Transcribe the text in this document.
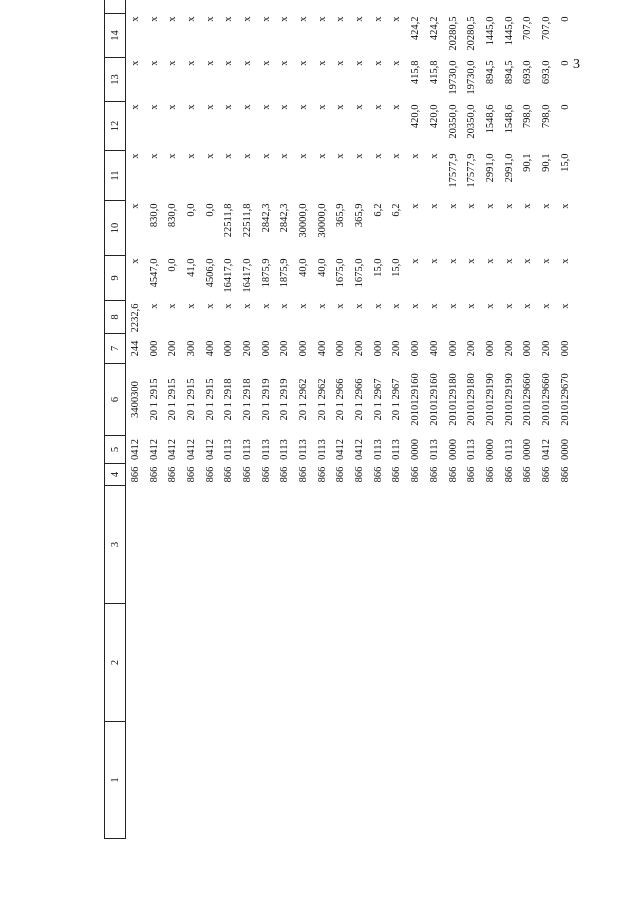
3
1	2	3	4	5	6	7	8	9	10	11	12	13	14	
			866	0412	3400300	244	2232,6	x	x	x	x	x	x	
			866	0412	20 1 2915	000	x	4547,0	830,0	x	x	x	x	
			866	0412	20 1 2915	200	x	0,0	830,0	x	x	x	x	
			866	0412	20 1 2915	300	x	41,0	0,0	x	x	x	x	
			866	0412	20 1 2915	400	x	4506,0	0,0	x	x	x	x	
			866	0113	20 1 2918	000	x	16417,0	22511,8	x	x	x	x	
			866	0113	20 1 2918	200	x	16417,0	22511,8	x	x	x	x	
			866	0113	20 1 2919	000	x	1875,9	2842,3	x	x	x	x	
			866	0113	20 1 2919	200	x	1875,9	2842,3	x	x	x	x	
			866	0113	20 1 2962	000	x	40,0	30000,0	x	x	x	x	
			866	0113	20 1 2962	400	x	40,0	30000,0	x	x	x	x	
			866	0412	20 1 2966	000	x	1675,0	365,9	x	x	x	x	
			866	0412	20 1 2966	200	x	1675,0	365,9	x	x	x	x	
			866	0113	20 1 2967	000	x	15,0	6,2	x	x	x	x	
			866	0113	20 1 2967	200	x	15,0	6,2	x	x	x	x	
			866	0000	2010129160	000	x	x	x	x	420,0	415,8	424,2	
			866	0113	2010129160	400	x	x	x	x	420,0	415,8	424,2	
			866	0000	2010129180	000	x	x	x	17577,9	20350,0	19730,0	20280,5	
			866	0113	2010129180	200	x	x	x	17577,9	20350,0	19730,0	20280,5	
			866	0000	2010129190	000	x	x	x	2991,0	1548,6	894,5	1445,0	
			866	0113	2010129190	200	x	x	x	2991,0	1548,6	894,5	1445,0	
			866	0000	2010129660	000	x	x	x	90,1	798,0	693,0	707,0	
			866	0412	2010129660	200	x	x	x	90,1	798,0	693,0	707,0	
			866	0000	2010129670	000	x	x	x	15,0	0	0	0	
